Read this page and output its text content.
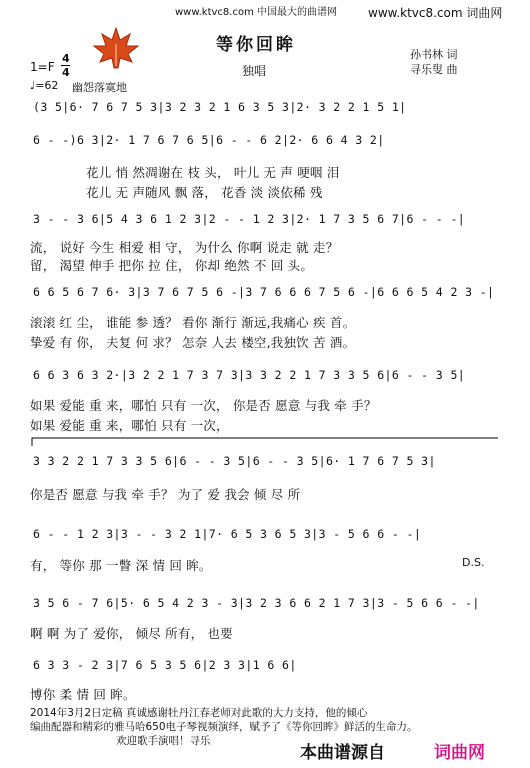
www.ktvc8.com 中国最大的曲谱网	www.ktvc8.com 词曲网
等你回眸
1=F
4
4	独唱
♩=62 幽怨落寞地
孙书林 词
寻乐叟 曲
(3 5|6· 7 6 7 5 3|3 2 3 2 1 6 3 5 3|2· 3 2 2 1 5 1|
6 - -)6 3|2· 1 7 6 7 6 5|6 - - 6 2|2· 6 6 4 3 2|
花儿 悄 然凋谢在 枝 头， 叶儿 无 声 哽咽 泪
花儿 无 声随风 飘 落， 花香 淡 淡依稀 残
3 - - 3 6|5 4 3 6 1 2 3|2 - - 1 2 3|2· 1 7 3 5 6 7|6 - - -|
流， 说好 今生 相爱 相 守， 为什么 你啊 说走 就 走？
留， 渴望 伸手 把你 拉 住， 你却 绝然 不 回 头。
6 6 5 6 7 6· 3|3 7 6 7 5 6 -|3 7 6 6 6 7 5 6 -|6 6 6 5 4 2 3 -|
滚滚 红 尘， 谁能 参 透？ 看你 渐行 渐远,我痛心 疾 首。
挚爱 有 你， 夫复 何 求？ 怎奈 人去 楼空,我独饮 苦 酒。
6 6 3 6 3 2·|3 2 2 1 7 3 7 3|3 3 2 2 1 7 3 3 5 6|6 - - 3 5|
如果 爱能 重 来，哪怕 只有 一次， 你是否 愿意 与我 牵 手？
如果 爱能 重 来，哪怕 只有 一次，
3 3 2 2 1 7 3 3 5 6|6 - - 3 5|6 - - 3 5|6· 1 7 6 7 5 3|
你是否 愿意 与我 牵 手？ 为了 爱 我会 倾 尽 所
6 - - 1 2 3|3 - - 3 2 1|7· 6 5 3 6 5 3|3 - 5 6 6 - -|
有， 等你 那 一瞥 深 情 回 眸。	D.S.
3 5 6 - 7 6|5· 6 5 4 2 3 - 3|3 2 3 6 6 2 1 7 3|3 - 5 6 6 - -|
啊 啊 为了 爱你， 倾尽 所有， 也要
6 3 3 - 2 3|7 6 5 3 5 6|2 3 3|1 6 6|
博你 柔 情 回 眸。
2014年3月2日定稿 真诚感谢牡丹江春老师对此歌的大力支持，他的倾心
编曲配器和精彩的雅马哈650电子琴视频演绎，赋予了《等你回眸》鲜活的生命力。
欢迎歌手演唱！寻乐
本曲谱源自	词曲网
